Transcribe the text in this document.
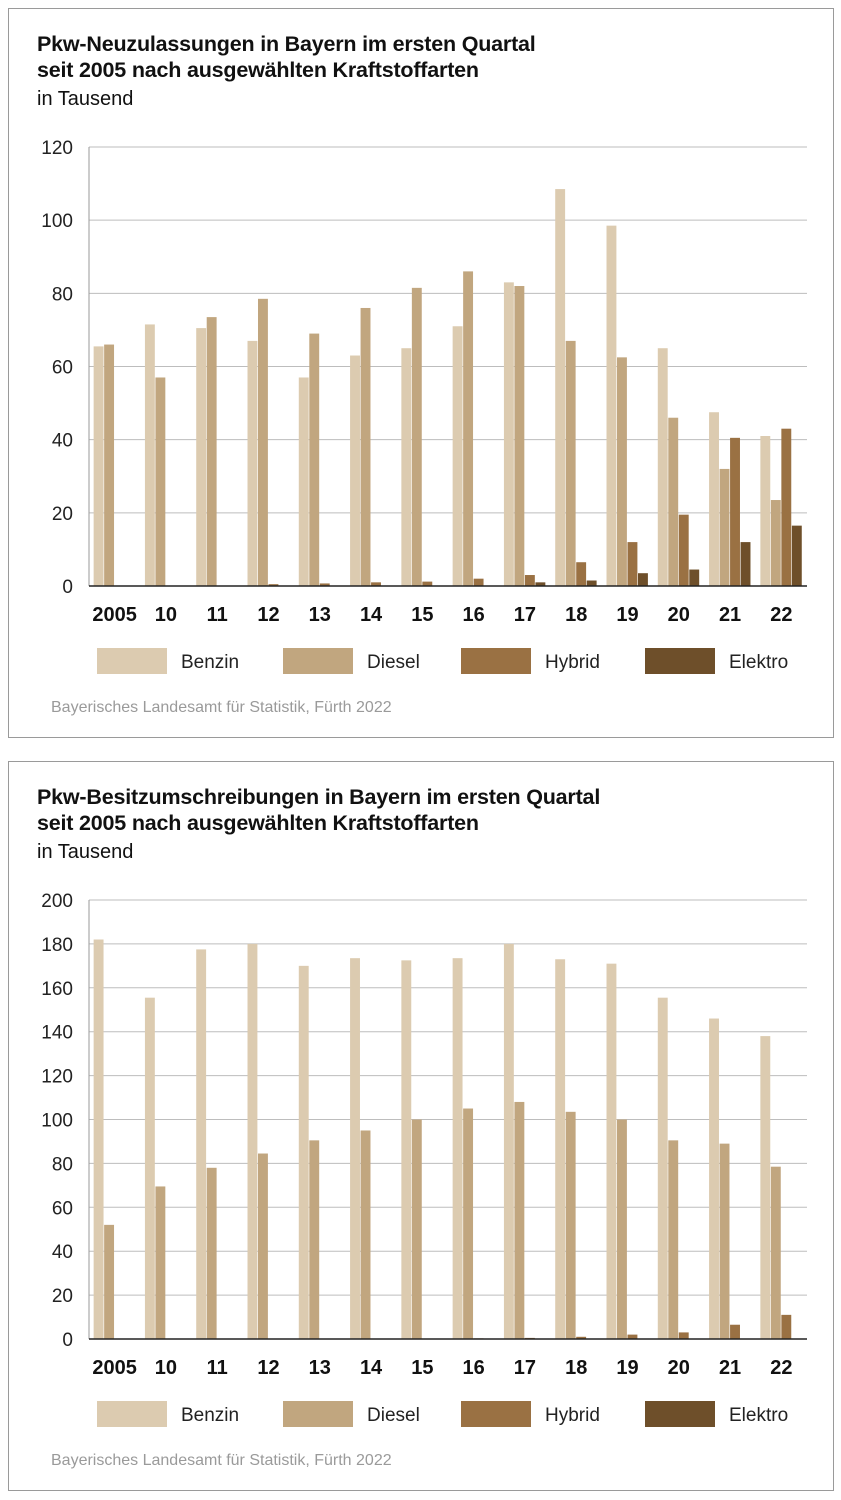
Pkw-Neuzulassungen in Bayern im ersten Quartal
seit 2005 nach ausgewählten Kraftstoffarten
in Tausend
0
20
40
60
80
100
120
2005 10 11 12 13 14 15 16 17 18 19 20 21 22
Benzin	Diesel	Hybrid	Elektro
Bayerisches Landesamt für Statistik, Fürth 2022
Pkw-Besitzumschreibungen in Bayern im ersten Quartal
seit 2005 nach ausgewählten Kraftstoffarten
in Tausend
0
20
40
60
80
100
120
140
160
180
200
2005 10 11 12 13 14 15 16 17 18 19 20 21 22
Benzin	Diesel	Hybrid	Elektro
Bayerisches Landesamt für Statistik, Fürth 2022
